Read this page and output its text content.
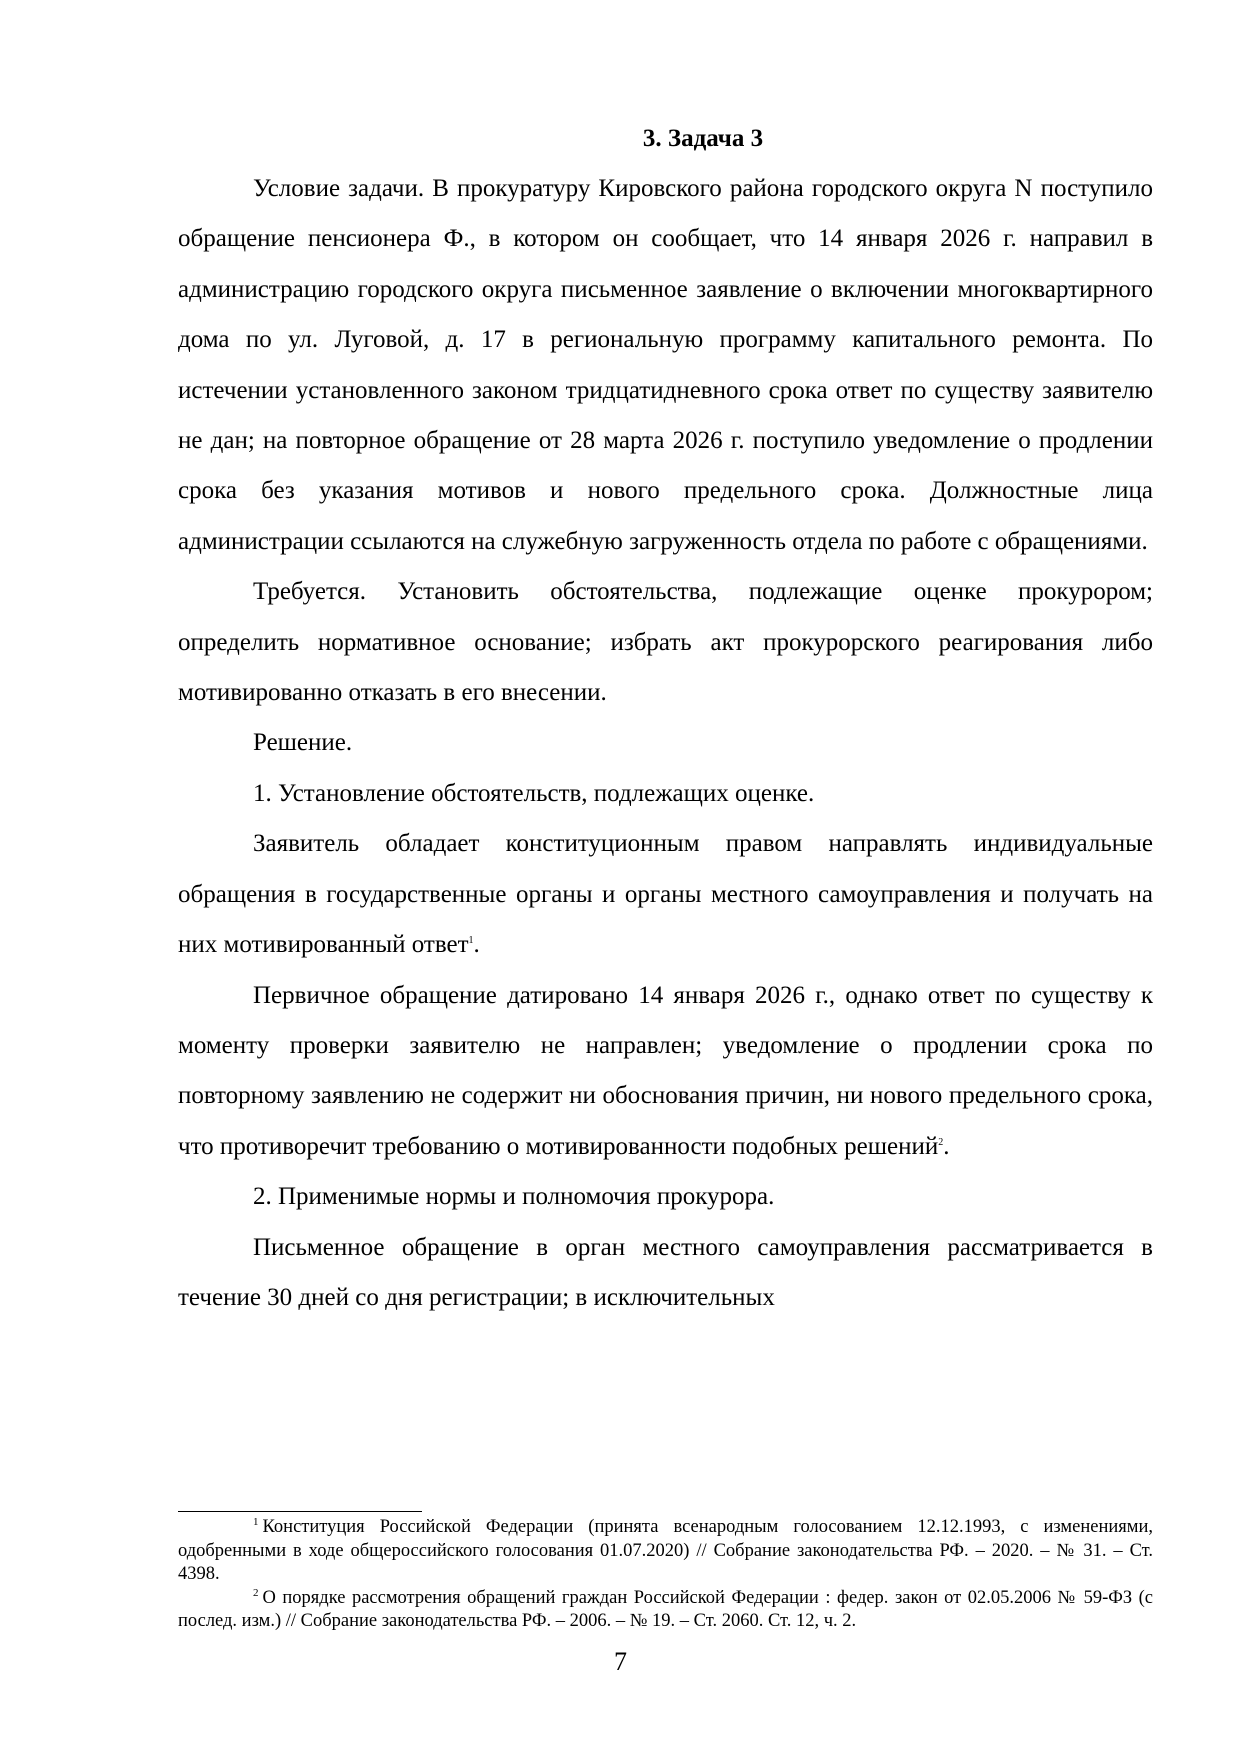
3. Задача 3

Условие задачи. В прокуратуру Кировского района городского округа N поступило обращение пенсионера Ф., в котором он сообщает, что 14 января 2026 г. направил в администрацию городского округа письменное заявление о включении многоквартирного дома по ул. Луговой, д. 17 в региональную программу капитального ремонта. По истечении установленного законом тридцатидневного срока ответ по существу заявителю не дан; на повторное обращение от 28 марта 2026 г. поступило уведомление о продлении срока без указания мотивов и нового предельного срока. Должностные лица администрации ссылаются на служебную загруженность отдела по работе с обращениями.

Требуется. Установить обстоятельства, подлежащие оценке прокурором; определить нормативное основание; избрать акт прокурорского реагирования либо мотивированно отказать в его внесении.

Решение.

1. Установление обстоятельств, подлежащих оценке.

Заявитель обладает конституционным правом направлять индивидуальные обращения в государственные органы и органы местного самоуправления и получать на них мотивированный ответ$^1$.

Первичное обращение датировано 14 января 2026 г., однако ответ по существу к моменту проверки заявителю не направлен; уведомление о продлении срока по повторному заявлению не содержит ни обоснования причин, ни нового предельного срока, что противоречит требованию о мотивированности подобных решений$^2$.

2. Применимые нормы и полномочия прокурора.

Письменное обращение в орган местного самоуправления рассматривается в течение 30 дней со дня регистрации; в исключительных

$^1$ Конституция Российской Федерации (принята всенародным голосованием 12.12.1993, с изменениями, одобренными в ходе общероссийского голосования 01.07.2020) // Собрание законодательства РФ. – 2020. – № 31. – Ст. 4398.

$^2$ О порядке рассмотрения обращений граждан Российской Федерации : федер. закон от 02.05.2006 № 59-ФЗ (с послед. изм.) // Собрание законодательства РФ. – 2006. – № 19. – Ст. 2060. Ст. 12, ч. 2.

7
